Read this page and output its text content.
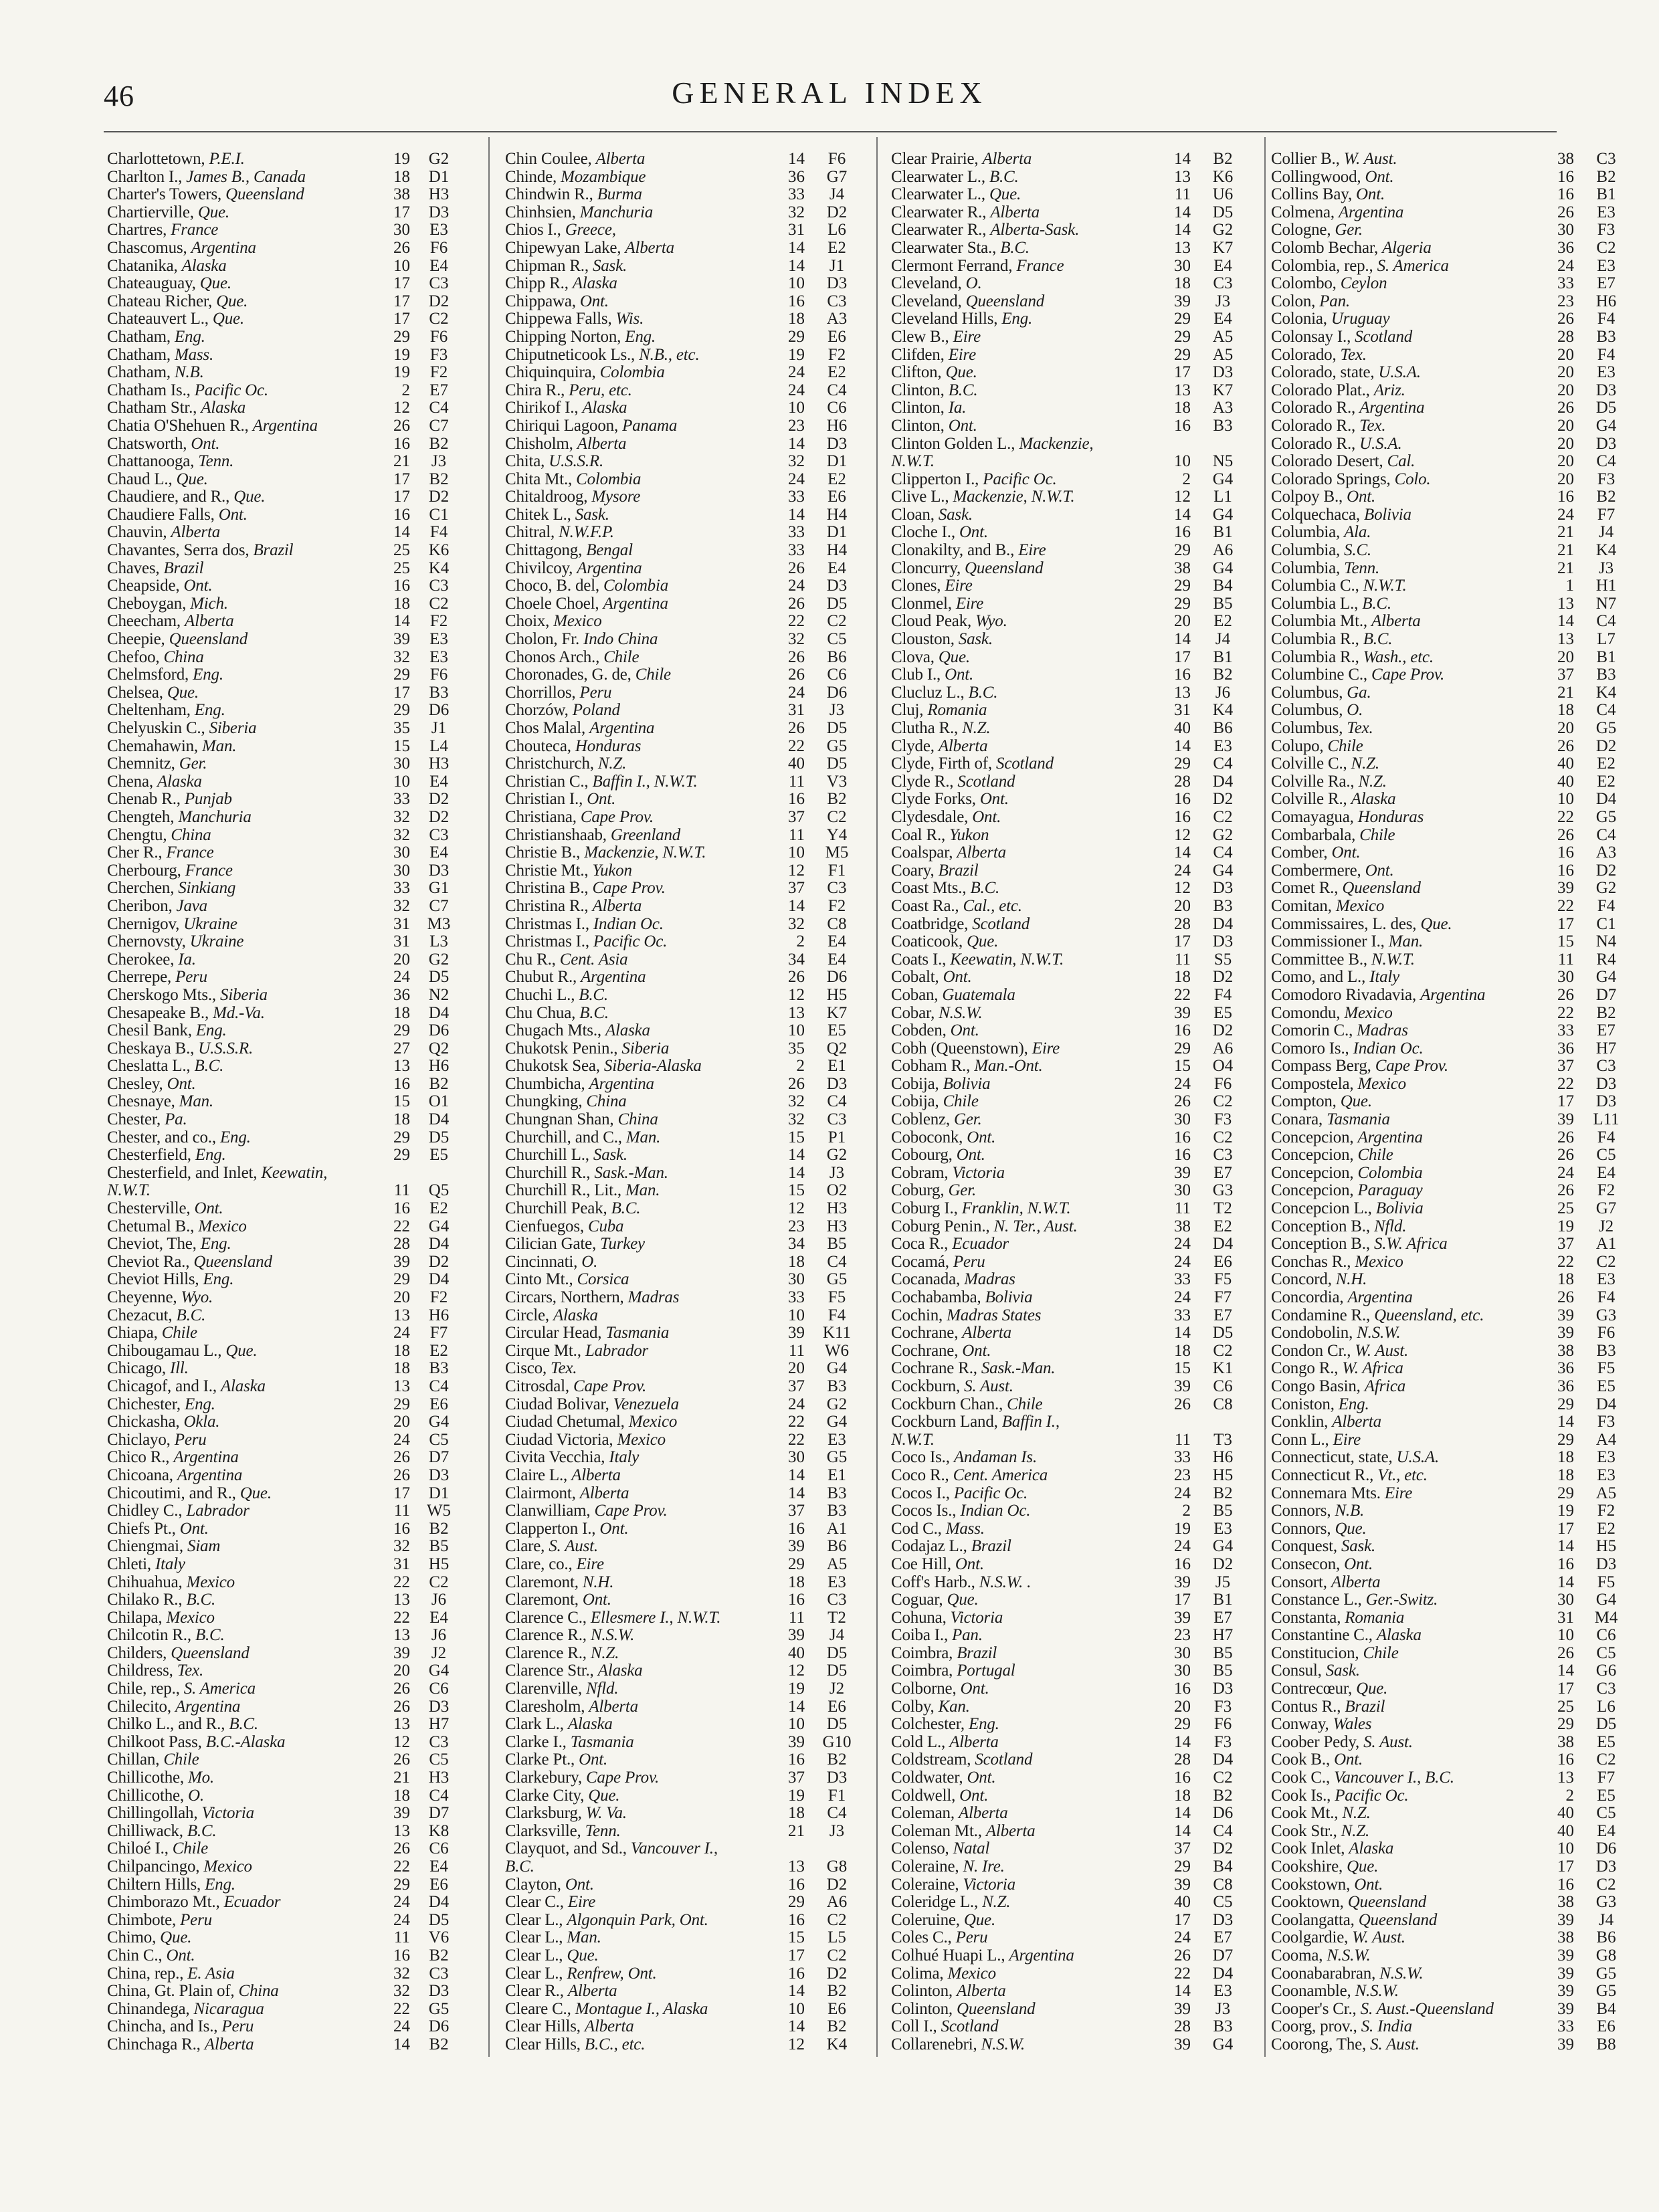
46	GENERAL INDEX
Charlottetown, P.E.I.	19	G2
Charlton I., James B., Canada	18	D1
Charter's Towers, Queensland	38	H3
Chartierville, Que.	17	D3
Chartres, France	30	E3
Chascomus, Argentina	26	F6
Chatanika, Alaska	10	E4
Chateauguay, Que.	17	C3
Chateau Richer, Que.	17	D2
Chateauvert L., Que.	17	C2
Chatham, Eng.	29	F6
Chatham, Mass.	19	F3
Chatham, N.B.	19	F2
Chatham Is., Pacific Oc.	2	E7
Chatham Str., Alaska	12	C4
Chatia O'Shehuen R., Argentina	26	C7
Chatsworth, Ont.	16	B2
Chattanooga, Tenn.	21	J3
Chaud L., Que.	17	B2
Chaudiere, and R., Que.	17	D2
Chaudiere Falls, Ont.	16	C1
Chauvin, Alberta	14	F4
Chavantes, Serra dos, Brazil	25	K6
Chaves, Brazil	25	K4
Cheapside, Ont.	16	C3
Cheboygan, Mich.	18	C2
Cheecham, Alberta	14	F2
Cheepie, Queensland	39	E3
Chefoo, China	32	E3
Chelmsford, Eng.	29	F6
Chelsea, Que.	17	B3
Cheltenham, Eng.	29	D6
Chelyuskin C., Siberia	35	J1
Chemahawin, Man.	15	L4
Chemnitz, Ger.	30	H3
Chena, Alaska	10	E4
Chenab R., Punjab	33	D2
Chengteh, Manchuria	32	D2
Chengtu, China	32	C3
Cher R., France	30	E4
Cherbourg, France	30	D3
Cherchen, Sinkiang	33	G1
Cheribon, Java	32	C7
Chernigov, Ukraine	31	M3
Chernovsty, Ukraine	31	L3
Cherokee, Ia.	20	G2
Cherrepe, Peru	24	D5
Cherskogo Mts., Siberia	36	N2
Chesapeake B., Md.-Va.	18	D4
Chesil Bank, Eng.	29	D6
Cheskaya B., U.S.S.R.	27	Q2
Cheslatta L., B.C.	13	H6
Chesley, Ont.	16	B2
Chesnaye, Man.	15	O1
Chester, Pa.	18	D4
Chester, and co., Eng.	29	D5
Chesterfield, Eng.	29	E5
Chesterfield, and Inlet, Keewatin,
N.W.T.	11	Q5
Chesterville, Ont.	16	E2
Chetumal B., Mexico	22	G4
Cheviot, The, Eng.	28	D4
Cheviot Ra., Queensland	39	D2
Cheviot Hills, Eng.	29	D4
Cheyenne, Wyo.	20	F2
Chezacut, B.C.	13	H6
Chiapa, Chile	24	F7
Chibougamau L., Que.	18	E2
Chicago, Ill.	18	B3
Chicagof, and I., Alaska	13	C4
Chichester, Eng.	29	E6
Chickasha, Okla.	20	G4
Chiclayo, Peru	24	C5
Chico R., Argentina	26	D7
Chicoana, Argentina	26	D3
Chicoutimi, and R., Que.	17	D1
Chidley C., Labrador	11 W5
Chiefs Pt., Ont.	16	B2
Chiengmai, Siam	32	B5
Chleti, Italy	31	H5
Chihuahua, Mexico	22	C2
Chilako R., B.C.	13	J6
Chilapa, Mexico	22	E4
Chilcotin R., B.C.	13	J6
Childers, Queensland	39	J2
Childress, Tex.	20	G4
Chile, rep., S. America	26	C6
Chilecito, Argentina	26	D3
Chilko L., and R., B.C.	13	H7
Chilkoot Pass, B.C.-Alaska	12	C3
Chillan, Chile	26	C5
Chillicothe, Mo.	21	H3
Chillicothe, O.	18	C4
Chillingollah, Victoria	39	D7
Chilliwack, B.C.	13	K8
Chiloé I., Chile	26	C6
Chilpancingo, Mexico	22	E4
Chiltern Hills, Eng.	29	E6
Chimborazo Mt., Ecuador	24	D4
Chimbote, Peru	24	D5
Chimo, Que.	11	V6
Chin C., Ont.	16	B2
China, rep., E. Asia	32	C3
China, Gt. Plain of, China	32	D3
Chinandega, Nicaragua	22	G5
Chincha, and Is., Peru	24	D6
Chinchaga R., Alberta	14	B2
Chin Coulee, Alberta	14	F6
Chinde, Mozambique	36	G7
Chindwin R., Burma	33	J4
Chinhsien, Manchuria	32	D2
Chios I., Greece,	31	L6
Chipewyan Lake, Alberta	14	E2
Chipman R., Sask.	14	J1
Chipp R., Alaska	10	D3
Chippawa, Ont.	16	C3
Chippewa Falls, Wis.	18	A3
Chipping Norton, Eng.	29	E6
Chiputneticook Ls., N.B., etc.	19	F2
Chiquinquira, Colombia	24	E2
Chira R., Peru, etc.	24	C4
Chirikof I., Alaska	10	C6
Chiriqui Lagoon, Panama	23	H6
Chisholm, Alberta	14	D3
Chita, U.S.S.R.	32	D1
Chita Mt., Colombia	24	E2
Chitaldroog, Mysore	33	E6
Chitek L., Sask.	14	H4
Chitral, N.W.F.P.	33	D1
Chittagong, Bengal	33	H4
Chivilcoy, Argentina	26	E4
Choco, B. del, Colombia	24	D3
Choele Choel, Argentina	26	D5
Choix, Mexico	22	C2
Cholon, Fr. Indo China	32	C5
Chonos Arch., Chile	26	B6
Choronades, G. de, Chile	26	C6
Chorrillos, Peru	24	D6
Chorzów, Poland	31	J3
Chos Malal, Argentina	26	D5
Chouteca, Honduras	22	G5
Christchurch, N.Z.	40	D5
Christian C., Baffin I., N.W.T.	11	V3
Christian I., Ont.	16	B2
Christiana, Cape Prov.	37	C2
Christianshaab, Greenland	11	Y4
Christie B., Mackenzie, N.W.T.	10	M5
Christie Mt., Yukon	12	F1
Christina B., Cape Prov.	37	C3
Christina R., Alberta	14	F2
Christmas I., Indian Oc.	32	C8
Christmas I., Pacific Oc.	2	E4
Chu R., Cent. Asia	34	E4
Chubut R., Argentina	26	D6
Chuchi L., B.C.	12	H5
Chu Chua, B.C.	13	K7
Chugach Mts., Alaska	10	E5
Chukotsk Penin., Siberia	35	Q2
Chukotsk Sea, Siberia-Alaska	2	E1
Chumbicha, Argentina	26	D3
Chungking, China	32	C4
Chungnan Shan, China	32	C3
Churchill, and C., Man.	15	P1
Churchill L., Sask.	14	G2
Churchill R., Sask.-Man.	14	J3
Churchill R., Lit., Man.	15	O2
Churchill Peak, B.C.	12	H3
Cienfuegos, Cuba	23	H3
Cilician Gate, Turkey	34	B5
Cincinnati, O.	18	C4
Cinto Mt., Corsica	30	G5
Circars, Northern, Madras	33	F5
Circle, Alaska	10	F4
Circular Head, Tasmania	39	K11
Cirque Mt., Labrador	11	W6
Cisco, Tex.	20	G4
Citrosdal, Cape Prov.	37	B3
Ciudad Bolivar, Venezuela	24	G2
Ciudad Chetumal, Mexico	22	G4
Ciudad Victoria, Mexico	22	E3
Civita Vecchia, Italy	30	G5
Claire L., Alberta	14	E1
Clairmont, Alberta	14	B3
Clanwilliam, Cape Prov.	37	B3
Clapperton I., Ont.	16	A1
Clare, S. Aust.	39	B6
Clare, co., Eire	29	A5
Claremont, N.H.	18	E3
Claremont, Ont.	16	C3
Clarence C., Ellesmere I., N.W.T.	11	T2
Clarence R., N.S.W.	39	J4
Clarence R., N.Z.	40	D5
Clarence Str., Alaska	12	D5
Clarenville, Nfld.	19	J2
Claresholm, Alberta	14	E6
Clark L., Alaska	10	D5
Clarke I., Tasmania	39	G10
Clarke Pt., Ont.	16	B2
Clarkebury, Cape Prov.	37	D3
Clarke City, Que.	19	F1
Clarksburg, W. Va.	18	C4
Clarksville, Tenn.	21	J3
Clayquot, and Sd., Vancouver I.,
B.C.	13	G8
Clayton, Ont.	16	D2
Clear C., Eire	29	A6
Clear L., Algonquin Park, Ont.	16	C2
Clear L., Man.	15	L5
Clear L., Que.	17	C2
Clear L., Renfrew, Ont.	16	D2
Clear R., Alberta	14	B2
Cleare C., Montague I., Alaska	10	E6
Clear Hills, Alberta	14	B2
Clear Hills, B.C., etc.	12	K4
Clear Prairie, Alberta	14	B2
Clearwater L., B.C.	13	K6
Clearwater L., Que.	11	U6
Clearwater R., Alberta	14	D5
Clearwater R., Alberta-Sask.	14	G2
Clearwater Sta., B.C.	13	K7
Clermont Ferrand, France	30	E4
Cleveland, O.	18	C3
Cleveland, Queensland	39	J3
Cleveland Hills, Eng.	29	E4
Clew B., Eire	29	A5
Clifden, Eire	29	A5
Clifton, Que.	17	D3
Clinton, B.C.	13	K7
Clinton, Ia.	18	A3
Clinton, Ont.	16	B3
Clinton Golden L., Mackenzie,
N.W.T.	10	N5
Clipperton I., Pacific Oc.	2	G4
Clive L., Mackenzie, N.W.T.	12	L1
Cloan, Sask.	14	G4
Cloche I., Ont.	16	B1
Clonakilty, and B., Eire	29	A6
Cloncurry, Queensland	38	G4
Clones, Eire	29	B4
Clonmel, Eire	29	B5
Cloud Peak, Wyo.	20	E2
Clouston, Sask.	14	J4
Clova, Que.	17	B1
Club I., Ont.	16	B2
Clucluz L., B.C.	13	J6
Cluj, Romania	31	K4
Clutha R., N.Z.	40	B6
Clyde, Alberta	14	E3
Clyde, Firth of, Scotland	29	C4
Clyde R., Scotland	28	D4
Clyde Forks, Ont.	16	D2
Clydesdale, Ont.	16	C2
Coal R., Yukon	12	G2
Coalspar, Alberta	14	C4
Coary, Brazil	24	G4
Coast Mts., B.C.	12	D3
Coast Ra., Cal., etc.	20	B3
Coatbridge, Scotland	28	D4
Coaticook, Que.	17	D3
Coats I., Keewatin, N.W.T.	11	S5
Cobalt, Ont.	18	D2
Coban, Guatemala	22	F4
Cobar, N.S.W.	39	E5
Cobden, Ont.	16	D2
Cobh (Queenstown), Eire	29	A6
Cobham R., Man.-Ont.	15	O4
Cobija, Bolivia	24	F6
Cobija, Chile	26	C2
Coblenz, Ger.	30	F3
Coboconk, Ont.	16	C2
Cobourg, Ont.	16	C3
Cobram, Victoria	39	E7
Coburg, Ger.	30	G3
Coburg I., Franklin, N.W.T.	11	T2
Coburg Penin., N. Ter., Aust.	38	E2
Coca R., Ecuador	24	D4
Cocamá, Peru	24	E6
Cocanada, Madras	33	F5
Cochabamba, Bolivia	24	F7
Cochin, Madras States	33	E7
Cochrane, Alberta	14	D5
Cochrane, Ont.	18	C2
Cochrane R., Sask.-Man.	15	K1
Cockburn, S. Aust.	39	C6
Cockburn Chan., Chile	26	C8
Cockburn Land, Baffin I.,
N.W.T.	11	T3
Coco Is., Andaman Is.	33	H6
Coco R., Cent. America	23	H5
Cocos I., Pacific Oc.	24	B2
Cocos Is., Indian Oc.	2	B5
Cod C., Mass.	19	E3
Codajaz L., Brazil	24	G4
Coe Hill, Ont.	16	D2
Coff's Harb., N.S.W. .	39	J5
Coguar, Que.	17	B1
Cohuna, Victoria	39	E7
Coiba I., Pan.	23	H7
Coimbra, Brazil	30	B5
Coimbra, Portugal	30	B5
Colborne, Ont.	16	D3
Colby, Kan.	20	F3
Colchester, Eng.	29	F6
Cold L., Alberta	14	F3
Coldstream, Scotland	28	D4
Coldwater, Ont.	16	C2
Coldwell, Ont.	18	B2
Coleman, Alberta	14	D6
Coleman Mt., Alberta	14	C4
Colenso, Natal	37	D2
Coleraine, N. Ire.	29	B4
Coleraine, Victoria	39	C8
Coleridge L., N.Z.	40	C5
Coleruine, Que.	17	D3
Coles C., Peru	24	E7
Colhué Huapi L., Argentina	26	D7
Colima, Mexico	22	D4
Colinton, Alberta	14	E3
Colinton, Queensland	39	J3
Coll I., Scotland	28	B3
Collarenebri, N.S.W.	39	G4
Collier B., W. Aust.	38	C3
Collingwood, Ont.	16	B2
Collins Bay, Ont.	16	B1
Colmena, Argentina	26	E3
Cologne, Ger.	30	F3
Colomb Bechar, Algeria	36	C2
Colombia, rep., S. America	24	E3
Colombo, Ceylon	33	E7
Colon, Pan.	23	H6
Colonia, Uruguay	26	F4
Colonsay I., Scotland	28	B3
Colorado, Tex.	20	F4
Colorado, state, U.S.A.	20	E3
Colorado Plat., Ariz.	20	D3
Colorado R., Argentina	26	D5
Colorado R., Tex.	20	G4
Colorado R., U.S.A.	20	D3
Colorado Desert, Cal.	20	C4
Colorado Springs, Colo.	20	F3
Colpoy B., Ont.	16	B2
Colquechaca, Bolivia	24	F7
Columbia, Ala.	21	J4
Columbia, S.C.	21	K4
Columbia, Tenn.	21	J3
Columbia C., N.W.T.	1	H1
Columbia L., B.C.	13	N7
Columbia Mt., Alberta	14	C4
Columbia R., B.C.	13	L7
Columbia R., Wash., etc.	20	B1
Columbine C., Cape Prov.	37	B3
Columbus, Ga.	21	K4
Columbus, O.	18	C4
Columbus, Tex.	20	G5
Colupo, Chile	26	D2
Colville C., N.Z.	40	E2
Colville Ra., N.Z.	40	E2
Colville R., Alaska	10	D4
Comayagua, Honduras	22	G5
Combarbala, Chile	26	C4
Comber, Ont.	16	A3
Combermere, Ont.	16	D2
Comet R., Queensland	39	G2
Comitan, Mexico	22	F4
Commissaires, L. des, Que.	17	C1
Commissioner I., Man.	15	N4
Committee B., N.W.T.	11	R4
Como, and L., Italy	30	G4
Comodoro Rivadavia, Argentina	26	D7
Comondu, Mexico	22	B2
Comorin C., Madras	33	E7
Comoro Is., Indian Oc.	36	H7
Compass Berg, Cape Prov.	37	C3
Compostela, Mexico	22	D3
Compton, Que.	17	D3
Conara, Tasmania	39	L11
Concepcion, Argentina	26	F4
Concepcion, Chile	26	C5
Concepcion, Colombia	24	E4
Concepcion, Paraguay	26	F2
Concepcion L., Bolivia	25	G7
Conception B., Nfld.	19	J2
Conception B., S.W. Africa	37	A1
Conchas R., Mexico	22	C2
Concord, N.H.	18	E3
Concordia, Argentina	26	F4
Condamine R., Queensland, etc.	39	G3
Condobolin, N.S.W.	39	F6
Condon Cr., W. Aust.	38	B3
Congo R., W. Africa	36	F5
Congo Basin, Africa	36	E5
Coniston, Eng.	29	D4
Conklin, Alberta	14	F3
Conn L., Eire	29	A4
Connecticut, state, U.S.A.	18	E3
Connecticut R., Vt., etc.	18	E3
Connemara Mts. Eire	29	A5
Connors, N.B.	19	F2
Connors, Que.	17	E2
Conquest, Sask.	14	H5
Consecon, Ont.	16	D3
Consort, Alberta	14	F5
Constance L., Ger.-Switz.	30	G4
Constanta, Romania	31	M4
Constantine C., Alaska	10	C6
Constitucion, Chile	26	C5
Consul, Sask.	14	G6
Contrecœur, Que.	17	C3
Contus R., Brazil	25	L6
Conway, Wales	29	D5
Coober Pedy, S. Aust.	38	E5
Cook B., Ont.	16	C2
Cook C., Vancouver I., B.C.	13	F7
Cook Is., Pacific Oc.	2	E5
Cook Mt., N.Z.	40	C5
Cook Str., N.Z.	40	E4
Cook Inlet, Alaska	10	D6
Cookshire, Que.	17	D3
Cookstown, Ont.	16	C2
Cooktown, Queensland	38	G3
Coolangatta, Queensland	39	J4
Coolgardie, W. Aust.	38	B6
Cooma, N.S.W.	39	G8
Coonabarabran, N.S.W.	39	G5
Coonamble, N.S.W.	39	G5
Cooper's Cr., S. Aust.-Queensland	39	B4
Coorg, prov., S. India	33	E6
Coorong, The, S. Aust.	39	B8
